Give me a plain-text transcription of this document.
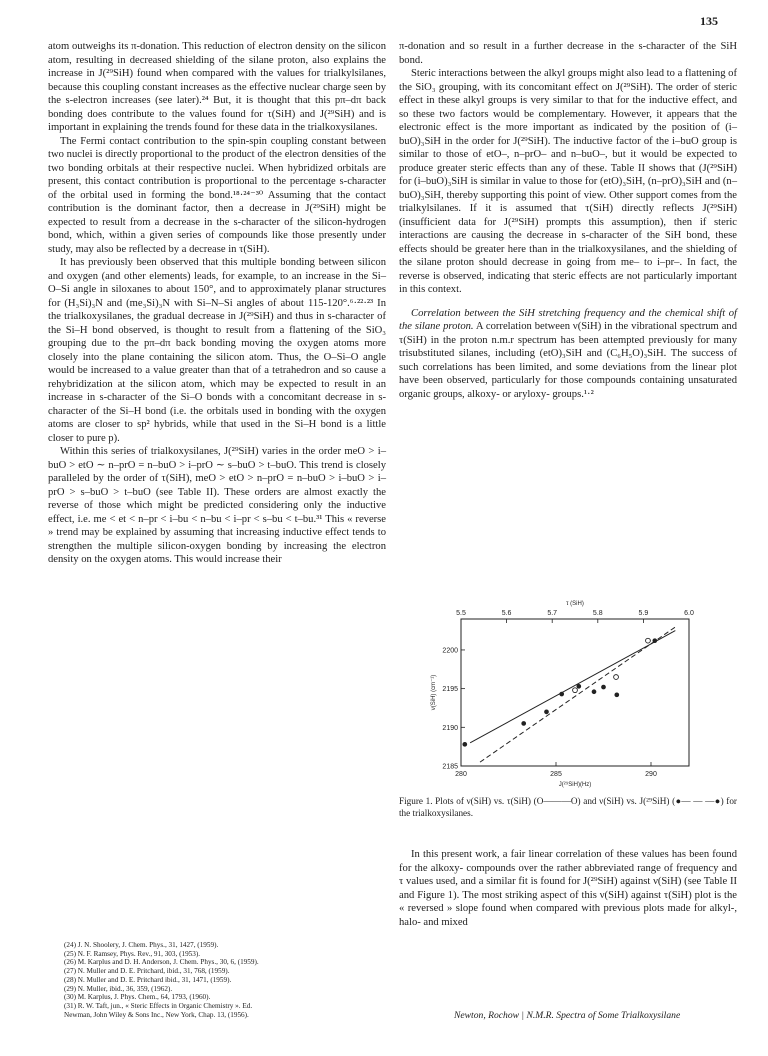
135

atom outweighs its π-donation. This reduction of electron density on the silicon atom, resulting in decreased shielding of the silane proton, also explains the increase in J(²⁹SiH) found when compared with the values for trialkylsilanes, because this coupling constant increases as the effective nuclear charge seen by the s-electron increases (see later).²⁴ But, it is thought that this pπ–dπ back bonding does contribute to the values found for τ(SiH) and J(²⁹SiH) and is important in explaining the trends found for these data in the trialkoxysilanes.

The Fermi contact contribution to the spin-spin coupling constant between two nuclei is directly proportional to the product of the electron densities of the two bonding orbitals at their respective nuclei. When hybridized orbitals are present, this contact contribution is proportional to the percentage s-character of the orbital used in forming the bond.¹⁸·²⁴⁻³⁰ Assuming that the contact contribution is the dominant factor, then a decrease in J(²⁹SiH) might be expected to result from a decrease in the s-character of the silicon-hydrogen bond, which, within a given series of compounds like those presently under study, may also be reflected by a decrease in τ(SiH).

It has previously been observed that this multiple bonding between silicon and oxygen (and other elements) leads, for example, to an increase in the Si–O–Si angle in siloxanes to about 150°, and to approximately planar structures for (H₃Si)₃N and (me₃Si)₃N with Si–N–Si angles of about 115-120°.⁶·²²·²³ In the trialkoxysilanes, the gradual decrease in J(²⁹SiH) and thus in s-character of the Si–H bond observed, is thought to result from a flattening of the SiO₃ grouping due to the pπ–dπ back bonding moving the oxygen atoms more closely into the plane containing the silicon atom. Thus, the O–Si–O angle would be increased to a value greater than that of a tetrahedron and so cause a rehybridization at the silicon atom, which may be expected to result in an increase in s-character of the Si–O bonds with a concomitant decrease in s-character of the Si–H bond (i.e. the orbitals used in bonding with the oxygen atoms are closer to sp² hybrids, while that used in the Si–H bond is a little closer to pure p).

Within this series of trialkoxysilanes, J(²⁹SiH) varies in the order meO > i–buO > etO ∼ n–prO = n–buO > i–prO ∼ s–buO > t–buO. This trend is closely paralleled by the order of τ(SiH), meO > etO > n–prO = n–buO > i–buO > i–prO > s–buO > t–buO (see Table II). These orders are almost exactly the reverse of those which might be predicted considering only the inductive effect, i.e. me < et < n–pr < i–bu < n–bu < i–pr < s–bu < t–bu.³¹ This « reverse » trend may be explained by assuming that increasing inductive effect tends to strengthen the multiple silicon-oxygen bonding by increasing the electron density on the oxygen atoms. This would increase their

(24) J. N. Shoolery, J. Chem. Phys., 31, 1427, (1959).
(25) N. F. Ramsey, Phys. Rev., 91, 303, (1953).
(26) M. Karplus and D. H. Anderson, J. Chem. Phys., 30, 6, (1959).
(27) N. Muller and D. E. Pritchard, ibid., 31, 768, (1959).
(28) N. Muller and D. E. Pritchard ibid., 31, 1471, (1959).
(29) N. Muller, ibid., 36, 359, (1962).
(30) M. Karplus, J. Phys. Chem., 64, 1793, (1960).
(31) R. W. Taft, jun., « Steric Effects in Organic Chemistry ». Ed.
Newman, John Wiley & Sons Inc., New York, Chap. 13, (1956).

π-donation and so result in a further decrease in the s-character of the SiH bond.

Steric interactions between the alkyl groups might also lead to a flattening of the SiO₃ grouping, with its concomitant effect on J(²⁹SiH). The order of steric effect in these alkyl groups is very similar to that for the inductive effect, and so these two factors would be complementary. However, it appears that the electronic effect is the more important as indicated by the position of (i–buO)₃SiH in the order for J(²⁹SiH). The inductive factor of the i–buO group is similar to those of etO–, n–prO– and n–buO–, but it would be expected to produce greater steric effects than any of these. Table II shows that (J(²⁹SiH) for (i–buO)₃SiH is similar in value to those for (etO)₃SiH, (n–prO)₃SiH and (n–buO)₃SiH, thereby supporting this point of view. Other support comes from the trialkylsilanes. If it is assumed that τ(SiH) directly reflects J(²⁹SiH) (insufficient data for J(²⁹SiH) prompts this assumption), then if steric interactions are causing the decrease in s-character of the SiH bond, these effects should be greater here than in the trialkoxysilanes, and the shielding of the silane proton should decrease in going from me– to i–pr–. In fact, the reverse is observed, indicating that steric effects are not particularly important in this context.

Correlation between the SiH stretching frequency and the chemical shift of the silane proton. A correlation between ν(SiH) in the vibrational spectrum and τ(SiH) in the proton n.m.r spectrum has been attempted previously for many trisubstituted silanes, including (etO)₃SiH and (C₆H₅O)₃SiH. The success of such correlations has been limited, and some deviations from the linear plot have been observed, particularly for those compounds containing unsaturated organic groups, alkoxy- or aryloxy- groups.¹·²

5.5	5.6	5.7	5.8	5.9	6.0
τ (SiH)
280	285	290
J(²⁹SiH)(Hz)
2185
2190
2195
2200
ν(SiH) (cm⁻¹)
Figure 1. Plots of ν(SiH) vs. τ(SiH) (O———O) and ν(SiH) vs. J(²⁹SiH) (●— — —●) for the trialkoxysilanes.

In this present work, a fair linear correlation of these values has been found for the alkoxy- compounds over the rather abbreviated range of frequency and τ values used, and a similar fit is found for J(²⁹SiH) against ν(SiH) (see Table II and Figure 1). The most striking aspect of this ν(SiH) against τ(SiH) plot is the « reversed » slope found when compared with previous plots made for alkyl-, halo- and mixed

Newton, Rochow | N.M.R. Spectra of Some Trialkoxysilane
